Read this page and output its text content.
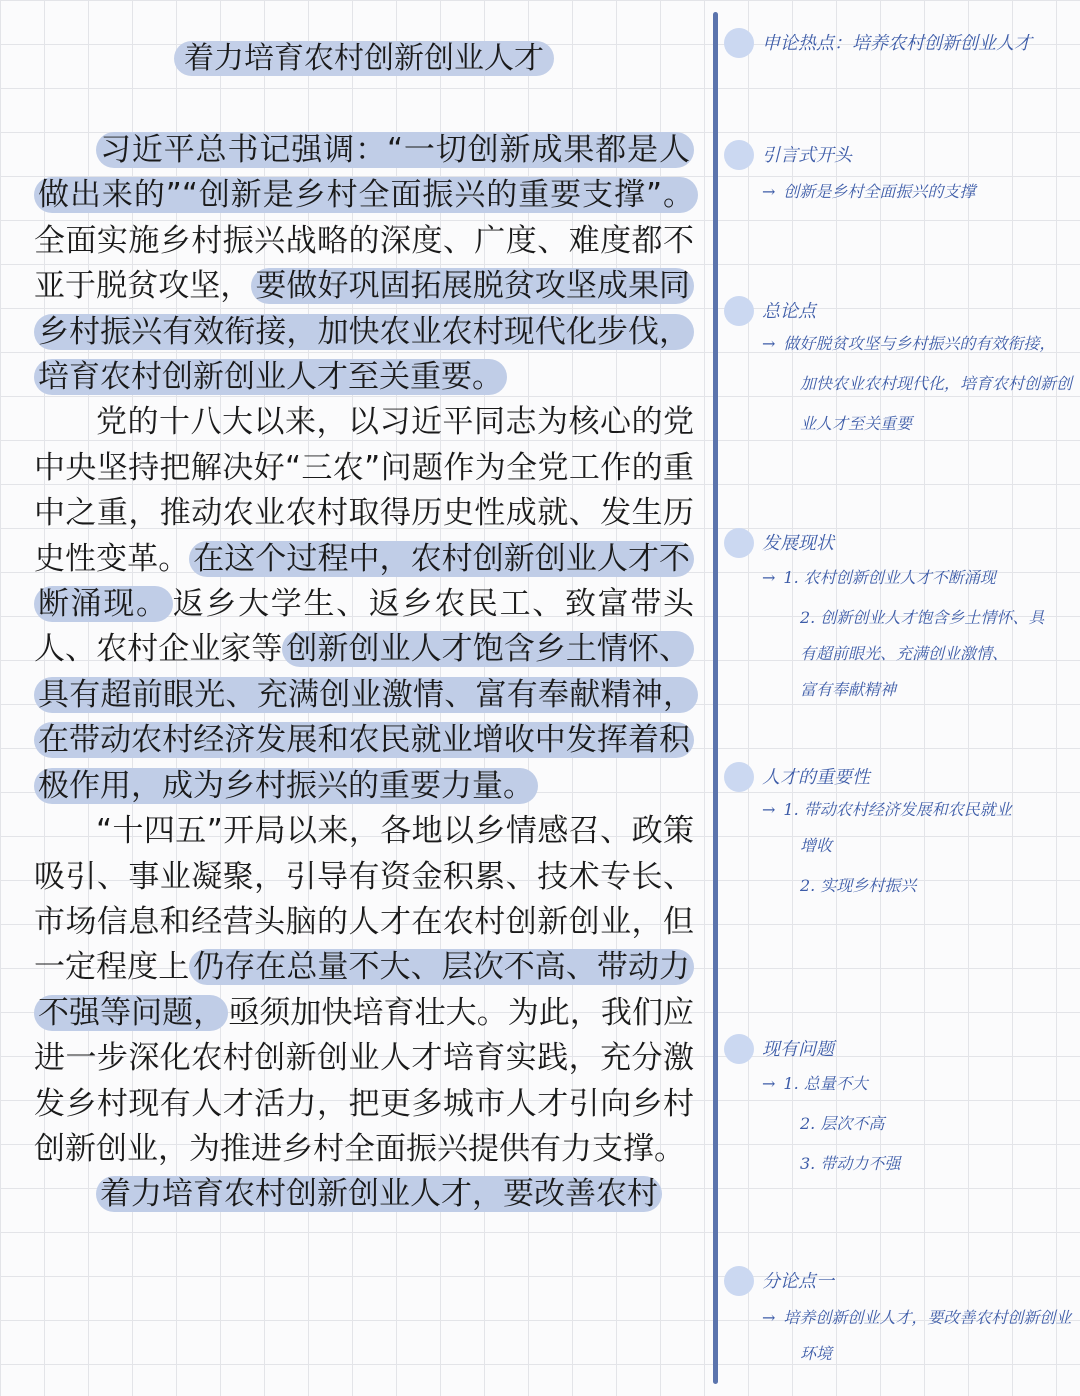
着力培育农村创新创业人才

习近平总书记强调：“一切创新成果都是人做出来的”“创新是乡村全面振兴的重要支撑”。全面实施乡村振兴战略的深度、广度、难度都不亚于脱贫攻坚， 要做好巩固拓展脱贫攻坚成果同乡村振兴有效衔接，加快农业农村现代化步伐，培育农村创新创业人才至关重要。

党的十八大以来，以习近平同志为核心的党中央坚持把解决好“三农”问题作为全党工作的重中之重，推动农业农村取得历史性成就、发生历史性变革。 在这个过程中，农村创新创业人才不断涌现。 返乡大学生、返乡农民工、致富带头人、农村企业家等 创新创业人才饱含乡土情怀、具有超前眼光、充满创业激情、富有奉献精神，在带动农村经济发展和农民就业增收中发挥着积极作用，成为乡村振兴的重要力量。

“十四五”开局以来，各地以乡情感召、政策吸引、事业凝聚，引导有资金积累、技术专长、市场信息和经营头脑的人才在农村创新创业，但一定程度上 仍存在总量不大、层次不高、带动力不强等问题， 亟须加快培育壮大。为此，我们应进一步深化农村创新创业人才培育实践，充分激发乡村现有人才活力，把更多城市人才引向乡村创新创业，为推进乡村全面振兴提供有力支撑。

着力培育农村创新创业人才，要改善农村

申论热点：培养农村创新创业人才
引言式开头
→ 创新是乡村全面振兴的支撑
总论点
→ 做好脱贫攻坚与乡村振兴的有效衔接，
加快农业农村现代化，培育农村创新创
业人才至关重要
发展现状
→ 1. 农村创新创业人才不断涌现
2. 创新创业人才饱含乡土情怀、具
有超前眼光、充满创业激情、
富有奉献精神
人才的重要性
→ 1. 带动农村经济发展和农民就业
增收
2. 实现乡村振兴
现有问题
→ 1. 总量不大
2. 层次不高
3. 带动力不强
分论点一
→ 培养创新创业人才，要改善农村创新创业
环境
